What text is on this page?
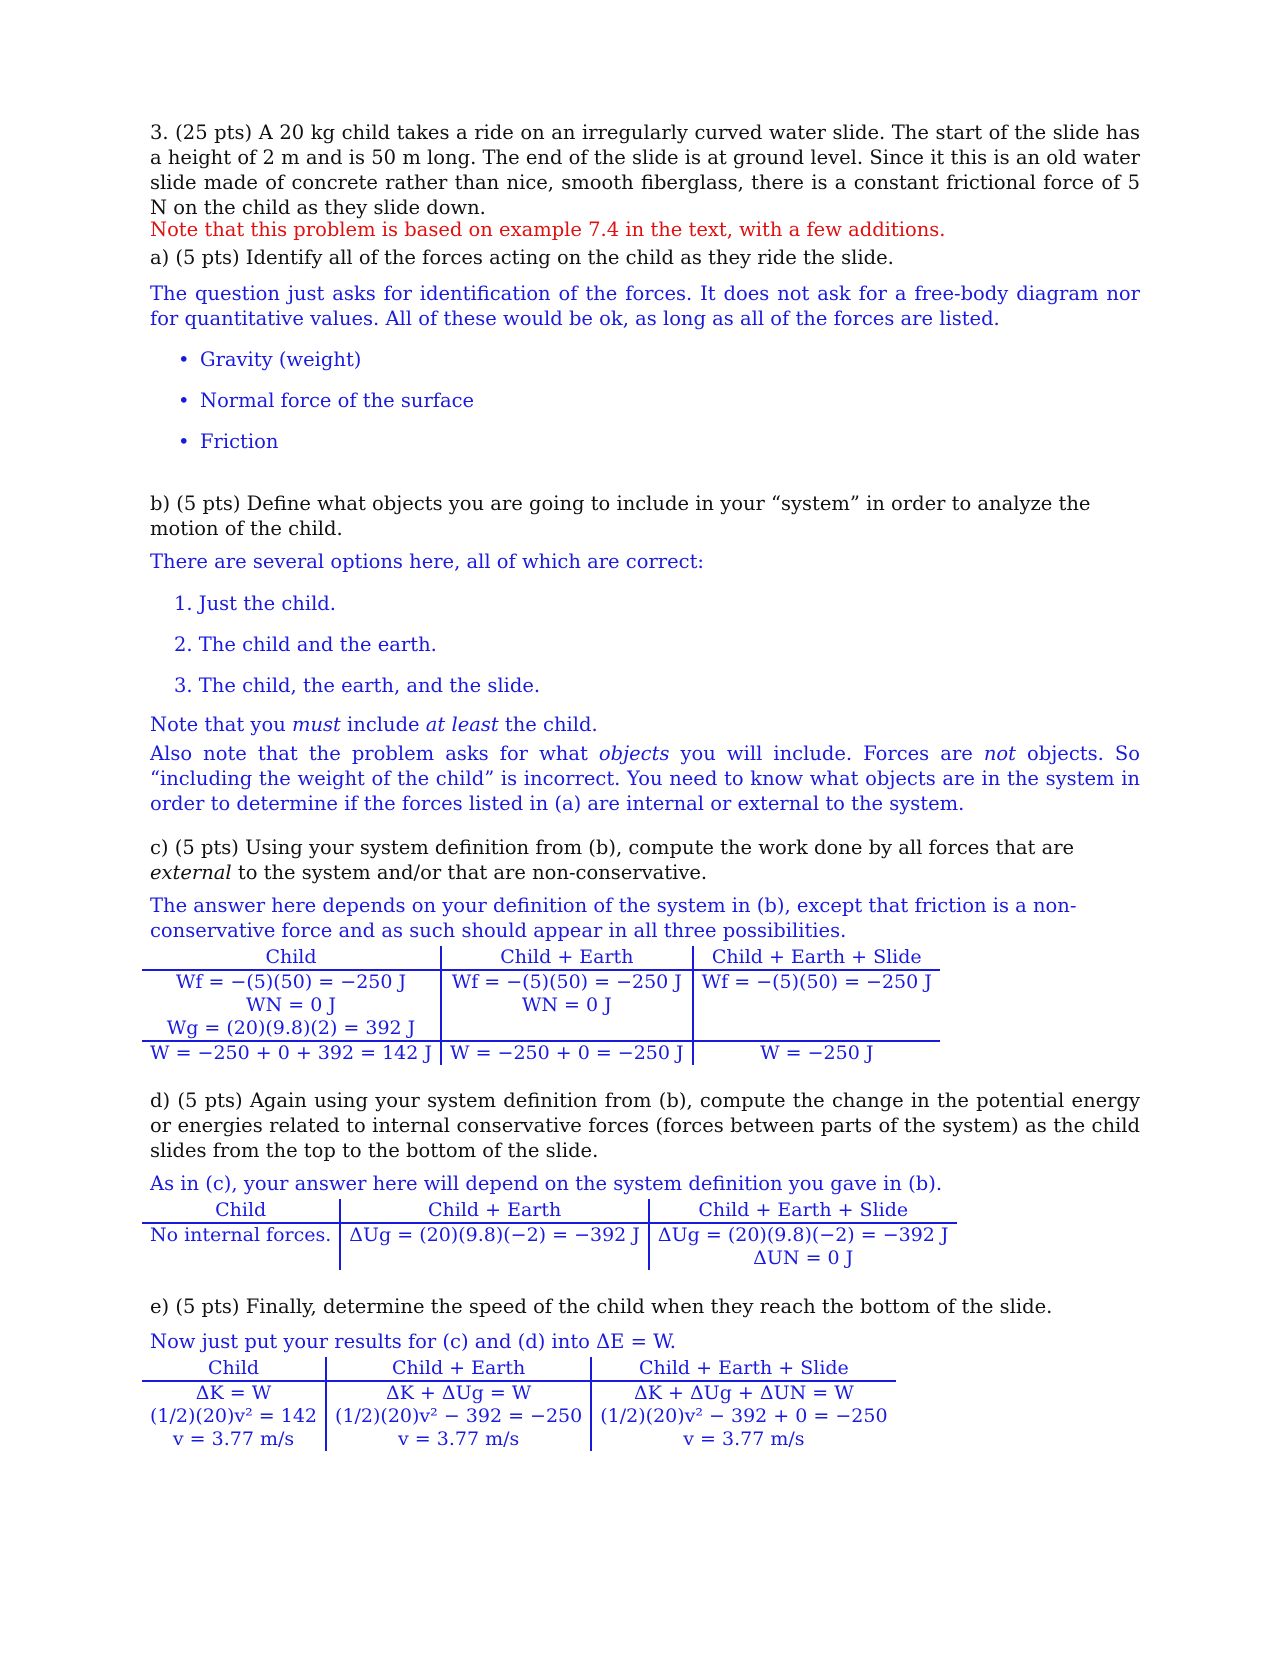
3. (25 pts) A 20 kg child takes a ride on an irregularly curved water slide. The start of the slide has a height of 2 m and is 50 m long. The end of the slide is at ground level. Since it this is an old water slide made of concrete rather than nice, smooth fiberglass, there is a constant frictional force of 5 N on the child as they slide down.

Note that this problem is based on example 7.4 in the text, with a few additions.

a) (5 pts) Identify all of the forces acting on the child as they ride the slide.

The question just asks for identification of the forces. It does not ask for a free-body diagram nor for quantitative values. All of these would be ok, as long as all of the forces are listed.

• Gravity (weight)
• Normal force of the surface
• Friction

b) (5 pts) Define what objects you are going to include in your “system” in order to analyze the motion of the child.

There are several options here, all of which are correct:

1. Just the child.
2. The child and the earth.
3. The child, the earth, and the slide.

Note that you must include at least the child.

Also note that the problem asks for what objects you will include. Forces are not objects. So “including the weight of the child” is incorrect. You need to know what objects are in the system in order to determine if the forces listed in (a) are internal or external to the system.

c) (5 pts) Using your system definition from (b), compute the work done by all forces that are external to the system and/or that are non-conservative.

The answer here depends on your definition of the system in (b), except that friction is a non-conservative force and as such should appear in all three possibilities.

Child	Child + Earth	Child + Earth + Slide
Wf = −(5)(50) = −250 J	Wf = −(5)(50) = −250 J	Wf = −(5)(50) = −250 J
WN = 0 J	WN = 0 J	
Wg = (20)(9.8)(2) = 392 J		
W = −250 + 0 + 392 = 142 J	W = −250 + 0 = −250 J	W = −250 J

d) (5 pts) Again using your system definition from (b), compute the change in the potential energy or energies related to internal conservative forces (forces between parts of the system) as the child slides from the top to the bottom of the slide.

As in (c), your answer here will depend on the system definition you gave in (b).

Child	Child + Earth	Child + Earth + Slide
No internal forces.	ΔUg = (20)(9.8)(−2) = −392 J	ΔUg = (20)(9.8)(−2) = −392 J
		ΔUN = 0 J

e) (5 pts) Finally, determine the speed of the child when they reach the bottom of the slide.

Now just put your results for (c) and (d) into ΔE = W.

Child	Child + Earth	Child + Earth + Slide
ΔK = W	ΔK + ΔUg = W	ΔK + ΔUg + ΔUN = W
(1/2)(20)v² = 142	(1/2)(20)v² − 392 = −250	(1/2)(20)v² − 392 + 0 = −250
v = 3.77 m/s	v = 3.77 m/s	v = 3.77 m/s
